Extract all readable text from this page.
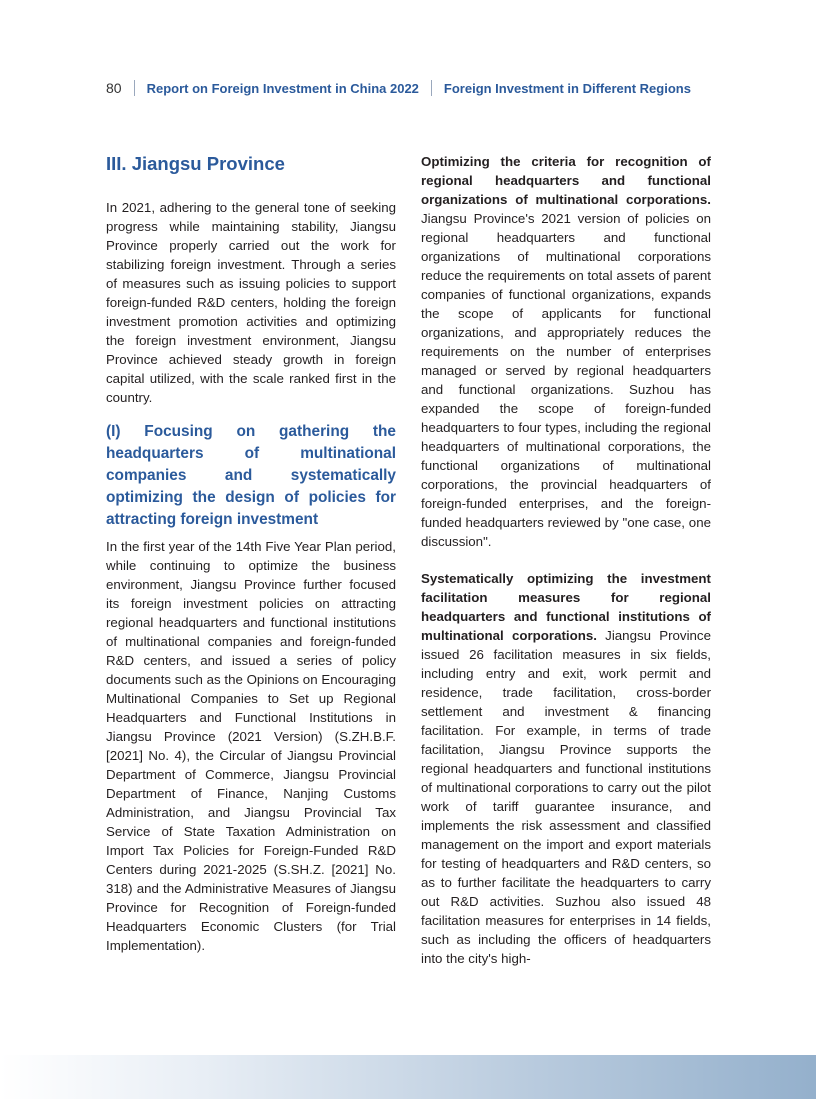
80 Report on Foreign Investment in China 2022 Foreign Investment in Different Regions
III. Jiangsu Province

In 2021, adhering to the general tone of seeking progress while maintaining stability, Jiangsu Province properly carried out the work for stabilizing foreign investment. Through a series of measures such as issuing policies to support foreign-funded R&D centers, holding the foreign investment promotion activities and optimizing the foreign investment environment, Jiangsu Province achieved steady growth in foreign capital utilized, with the scale ranked first in the country.

(I) Focusing on gathering the headquarters of multinational companies and systematically optimizing the design of policies for attracting foreign investment

In the first year of the 14th Five Year Plan period, while continuing to optimize the business environment, Jiangsu Province further focused its foreign investment policies on attracting regional headquarters and functional institutions of multinational companies and foreign-funded R&D centers, and issued a series of policy documents such as the Opinions on Encouraging Multinational Companies to Set up Regional Headquarters and Functional Institutions in Jiangsu Province (2021 Version) (S.ZH.B.F.[2021] No. 4), the Circular of Jiangsu Provincial Department of Commerce, Jiangsu Provincial Department of Finance, Nanjing Customs Administration, and Jiangsu Provincial Tax Service of State Taxation Administration on Import Tax Policies for Foreign-Funded R&D Centers during 2021-2025 (S.SH.Z. [2021] No. 318) and the Administrative Measures of Jiangsu Province for Recognition of Foreign-funded Headquarters Economic Clusters (for Trial Implementation).

Optimizing the criteria for recognition of regional headquarters and functional organizations of multinational corporations. Jiangsu Province's 2021 version of policies on regional headquarters and functional organizations of multinational corporations reduce the requirements on total assets of parent companies of functional organizations, expands the scope of applicants for functional organizations, and appropriately reduces the requirements on the number of enterprises managed or served by regional headquarters and functional organizations. Suzhou has expanded the scope of foreign-funded headquarters to four types, including the regional headquarters of multinational corporations, the functional organizations of multinational corporations, the provincial headquarters of foreign-funded enterprises, and the foreign-funded headquarters reviewed by "one case, one discussion".

Systematically optimizing the investment facilitation measures for regional headquarters and functional institutions of multinational corporations. Jiangsu Province issued 26 facilitation measures in six fields, including entry and exit, work permit and residence, trade facilitation, cross-border settlement and investment & financing facilitation. For example, in terms of trade facilitation, Jiangsu Province supports the regional headquarters and functional institutions of multinational corporations to carry out the pilot work of tariff guarantee insurance, and implements the risk assessment and classified management on the import and export materials for testing of headquarters and R&D centers, so as to further facilitate the headquarters to carry out R&D activities. Suzhou also issued 48 facilitation measures for enterprises in 14 fields, such as including the officers of headquarters into the city's high-
